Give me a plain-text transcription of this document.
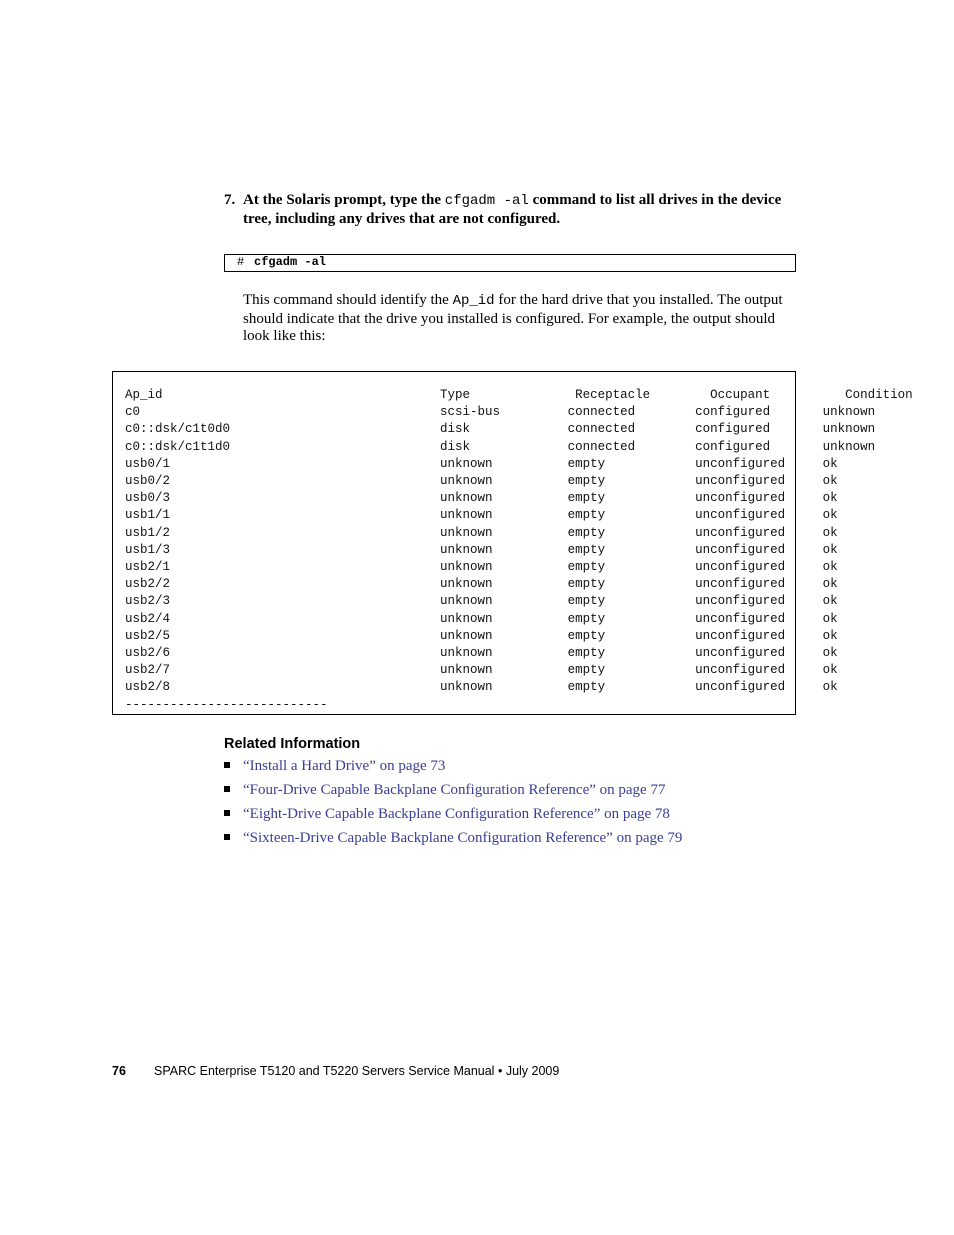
7. At the Solaris prompt, type the cfgadm -al command to list all drives in the device tree, including any drives that are not configured.
# cfgadm -al
This command should identify the Ap_id for the hard drive that you installed. The output should indicate that the drive you installed is configured. For example, the output should look like this:
Ap_id                                     Type              Receptacle        Occupant          Condition
c0                                        scsi-bus         connected        configured       unknown
c0::dsk/c1t0d0                            disk             connected        configured       unknown
c0::dsk/c1t1d0                            disk             connected        configured       unknown
usb0/1                                    unknown          empty            unconfigured     ok
usb0/2                                    unknown          empty            unconfigured     ok
usb0/3                                    unknown          empty            unconfigured     ok
usb1/1                                    unknown          empty            unconfigured     ok
usb1/2                                    unknown          empty            unconfigured     ok
usb1/3                                    unknown          empty            unconfigured     ok
usb2/1                                    unknown          empty            unconfigured     ok
usb2/2                                    unknown          empty            unconfigured     ok
usb2/3                                    unknown          empty            unconfigured     ok
usb2/4                                    unknown          empty            unconfigured     ok
usb2/5                                    unknown          empty            unconfigured     ok
usb2/6                                    unknown          empty            unconfigured     ok
usb2/7                                    unknown          empty            unconfigured     ok
usb2/8                                    unknown          empty            unconfigured     ok
---------------------------
Related Information
“Install a Hard Drive” on page 73
“Four-Drive Capable Backplane Configuration Reference” on page 77
“Eight-Drive Capable Backplane Configuration Reference” on page 78
“Sixteen-Drive Capable Backplane Configuration Reference” on page 79
76 SPARC Enterprise T5120 and T5220 Servers Service Manual • July 2009
